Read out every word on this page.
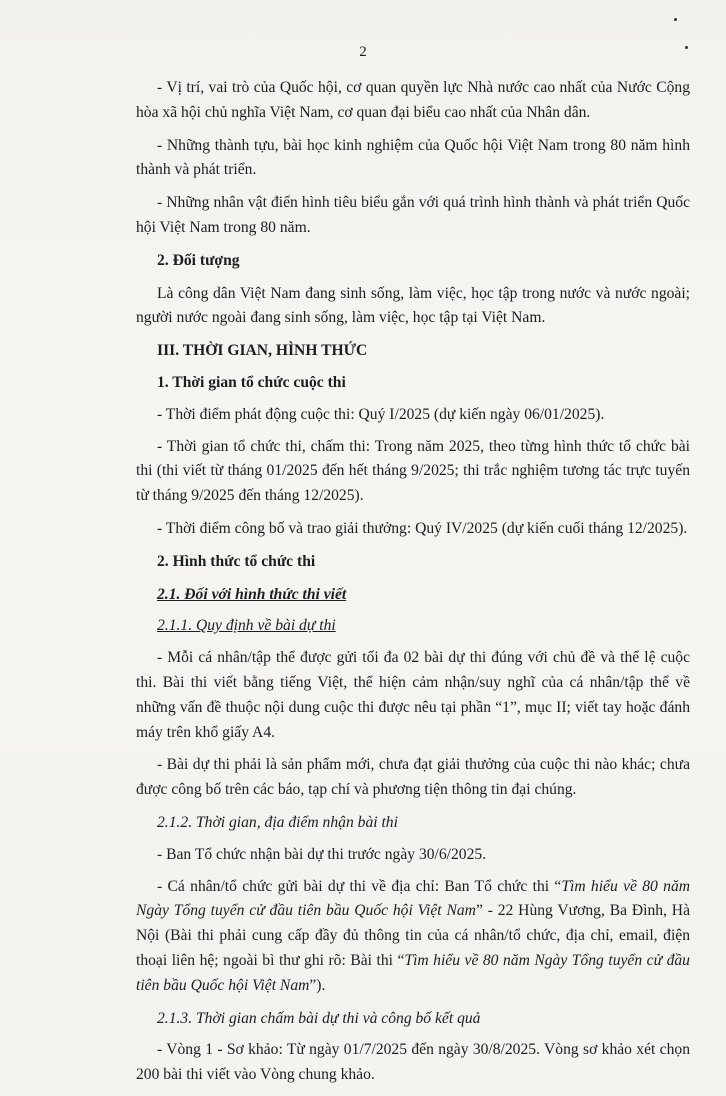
2

- Vị trí, vai trò của Quốc hội, cơ quan quyền lực Nhà nước cao nhất của Nước Cộng hòa xã hội chủ nghĩa Việt Nam, cơ quan đại biểu cao nhất của Nhân dân.

- Những thành tựu, bài học kinh nghiệm của Quốc hội Việt Nam trong 80 năm hình thành và phát triển.

- Những nhân vật điển hình tiêu biểu gắn với quá trình hình thành và phát triển Quốc hội Việt Nam trong 80 năm.

2. Đối tượng

Là công dân Việt Nam đang sinh sống, làm việc, học tập trong nước và nước ngoài; người nước ngoài đang sinh sống, làm việc, học tập tại Việt Nam.

III. THỜI GIAN, HÌNH THỨC

1. Thời gian tổ chức cuộc thi

- Thời điểm phát động cuộc thi: Quý I/2025 (dự kiến ngày 06/01/2025).

- Thời gian tổ chức thi, chấm thi: Trong năm 2025, theo từng hình thức tổ chức bài thi (thi viết từ tháng 01/2025 đến hết tháng 9/2025; thi trắc nghiệm tương tác trực tuyến từ tháng 9/2025 đến tháng 12/2025).

- Thời điểm công bố và trao giải thưởng: Quý IV/2025 (dự kiến cuối tháng 12/2025).

2. Hình thức tổ chức thi

2.1. Đối với hình thức thi viết

2.1.1. Quy định về bài dự thi

- Mỗi cá nhân/tập thể được gửi tối đa 02 bài dự thi đúng với chủ đề và thể lệ cuộc thi. Bài thi viết bằng tiếng Việt, thể hiện cảm nhận/suy nghĩ của cá nhân/tập thể về những vấn đề thuộc nội dung cuộc thi được nêu tại phần “1”, mục II; viết tay hoặc đánh máy trên khổ giấy A4.

- Bài dự thi phải là sản phẩm mới, chưa đạt giải thưởng của cuộc thi nào khác; chưa được công bố trên các báo, tạp chí và phương tiện thông tin đại chúng.

2.1.2. Thời gian, địa điểm nhận bài thi

- Ban Tổ chức nhận bài dự thi trước ngày 30/6/2025.

- Cá nhân/tổ chức gửi bài dự thi về địa chỉ: Ban Tổ chức thi “Tìm hiểu về 80 năm Ngày Tổng tuyển cử đầu tiên bầu Quốc hội Việt Nam” - 22 Hùng Vương, Ba Đình, Hà Nội (Bài thi phải cung cấp đầy đủ thông tin của cá nhân/tổ chức, địa chỉ, email, điện thoại liên hệ; ngoài bì thư ghi rõ: Bài thi “Tìm hiểu về 80 năm Ngày Tổng tuyển cử đầu tiên bầu Quốc hội Việt Nam”).

2.1.3. Thời gian chấm bài dự thi và công bố kết quả

- Vòng 1 - Sơ khảo: Từ ngày 01/7/2025 đến ngày 30/8/2025. Vòng sơ khảo xét chọn 200 bài thi viết vào Vòng chung khảo.
